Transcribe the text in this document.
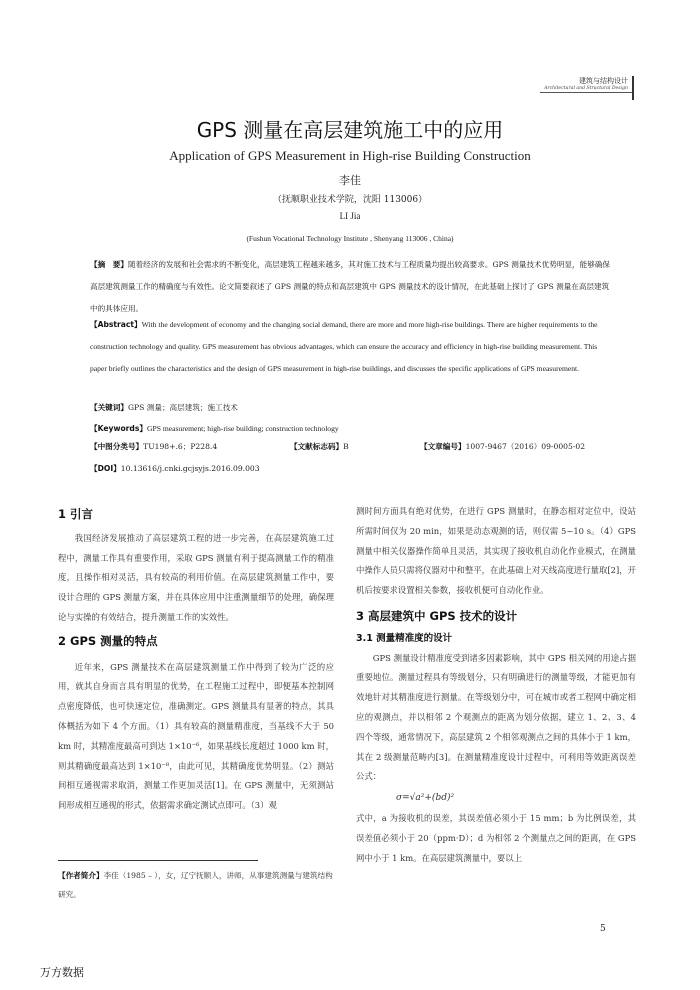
建筑与结构设计
Architectural and Structural Design
GPS 测量在高层建筑施工中的应用
Application of GPS Measurement in High-rise Building Construction
李佳
（抚顺职业技术学院，沈阳 113006）
LI Jia
(Fushun Vocational Technology Institute , Shenyang 113006 , China)
【摘　要】随着经济的发展和社会需求的不断变化，高层建筑工程越来越多，其对施工技术与工程质量均提出较高要求。GPS 测量技术优势明显，能够确保高层建筑测量工作的精确度与有效性。论文简要叙述了 GPS 测量的特点和高层建筑中 GPS 测量技术的设计情况，在此基础上探讨了 GPS 测量在高层建筑中的具体应用。
【Abstract】With the development of economy and the changing social demand, there are more and more high-rise buildings. There are higher requirements to the construction technology and quality. GPS measurement has obvious advantages, which can ensure the accuracy and efficiency in high-rise building measurement. This paper briefly outlines the characteristics and the design of GPS measurement in high-rise buildings, and discusses the specific applications of GPS measurement.
【关键词】GPS 测量；高层建筑；施工技术
【Keywords】GPS measurement; high-rise building; construction technology
【中图分类号】TU198+.6；P228.4	【文献标志码】B	【文章编号】1007-9467（2016）09-0005-02
【DOI】10.13616/j.cnki.gcjsyjs.2016.09.003
1 引言

我国经济发展推动了高层建筑工程的进一步完善，在高层建筑施工过程中，测量工作具有重要作用，采取 GPS 测量有利于提高测量工作的精准度，且操作相对灵活，具有较高的利用价值。在高层建筑测量工作中，要设计合理的 GPS 测量方案，并在具体应用中注重测量细节的处理，确保理论与实操的有效结合，提升测量工作的实效性。

2 GPS 测量的特点

近年来，GPS 测量技术在高层建筑测量工作中得到了较为广泛的应用，就其自身而言具有明显的优势，在工程施工过程中，即便基本控制网点密度降低，也可快速定位，准确测定。GPS 测量具有显著的特点，其具体概括为如下 4 个方面。（1）具有较高的测量精准度，当基线不大于 50 km 时，其精准度最高可到达 1×10⁻⁶，如果基线长度超过 1000 km 时，则其精确度最高达到 1×10⁻⁸，由此可见，其精确度优势明显。（2）测站间相互通视需求取消，测量工作更加灵活[1]。在 GPS 测量中，无须测站间形成相互通视的形式，依据需求确定测试点即可。（3）观

测时间方面具有绝对优势，在进行 GPS 测量时，在静态相对定位中，设站所需时间仅为 20 min，如果是动态观测的话，则仅需 5~10 s。（4）GPS 测量中相关仪器操作简单且灵活，其实现了接收机自动化作业模式，在测量中操作人员只需将仪器对中和整平，在此基础上对天线高度进行量取[2]，开机后按要求设置相关参数，接收机便可自动化作业。

3 高层建筑中 GPS 技术的设计
3.1 测量精准度的设计

GPS 测量设计精准度受到诸多因素影响，其中 GPS 相关网的用途占据重要地位。测量过程具有等级划分，只有明确进行的测量等级，才能更加有效地针对其精准度进行测量。在等级划分中，可在城市或者工程网中确定相应的观测点，并以相邻 2 个观测点的距离为划分依据，建立 1、2、3、4 四个等级，通常情况下，高层建筑 2 个相邻观测点之间的具体小于 1 km，其在 2 级测量范畴内[3]。在测量精准度设计过程中，可利用等效距离误差公式：

σ=√a²+(bd)²

式中，a 为接收机的误差，其误差值必须小于 15 mm；b 为比例误差，其误差值必须小于 20（ppm·D）；d 为相邻 2 个测量点之间的距离，在 GPS 网中小于 1 km。在高层建筑测量中，要以上

【作者简介】李佳（1985 – ），女，辽宁抚顺人，讲师，从事建筑测量与建筑结构研究。
5
万方数据
